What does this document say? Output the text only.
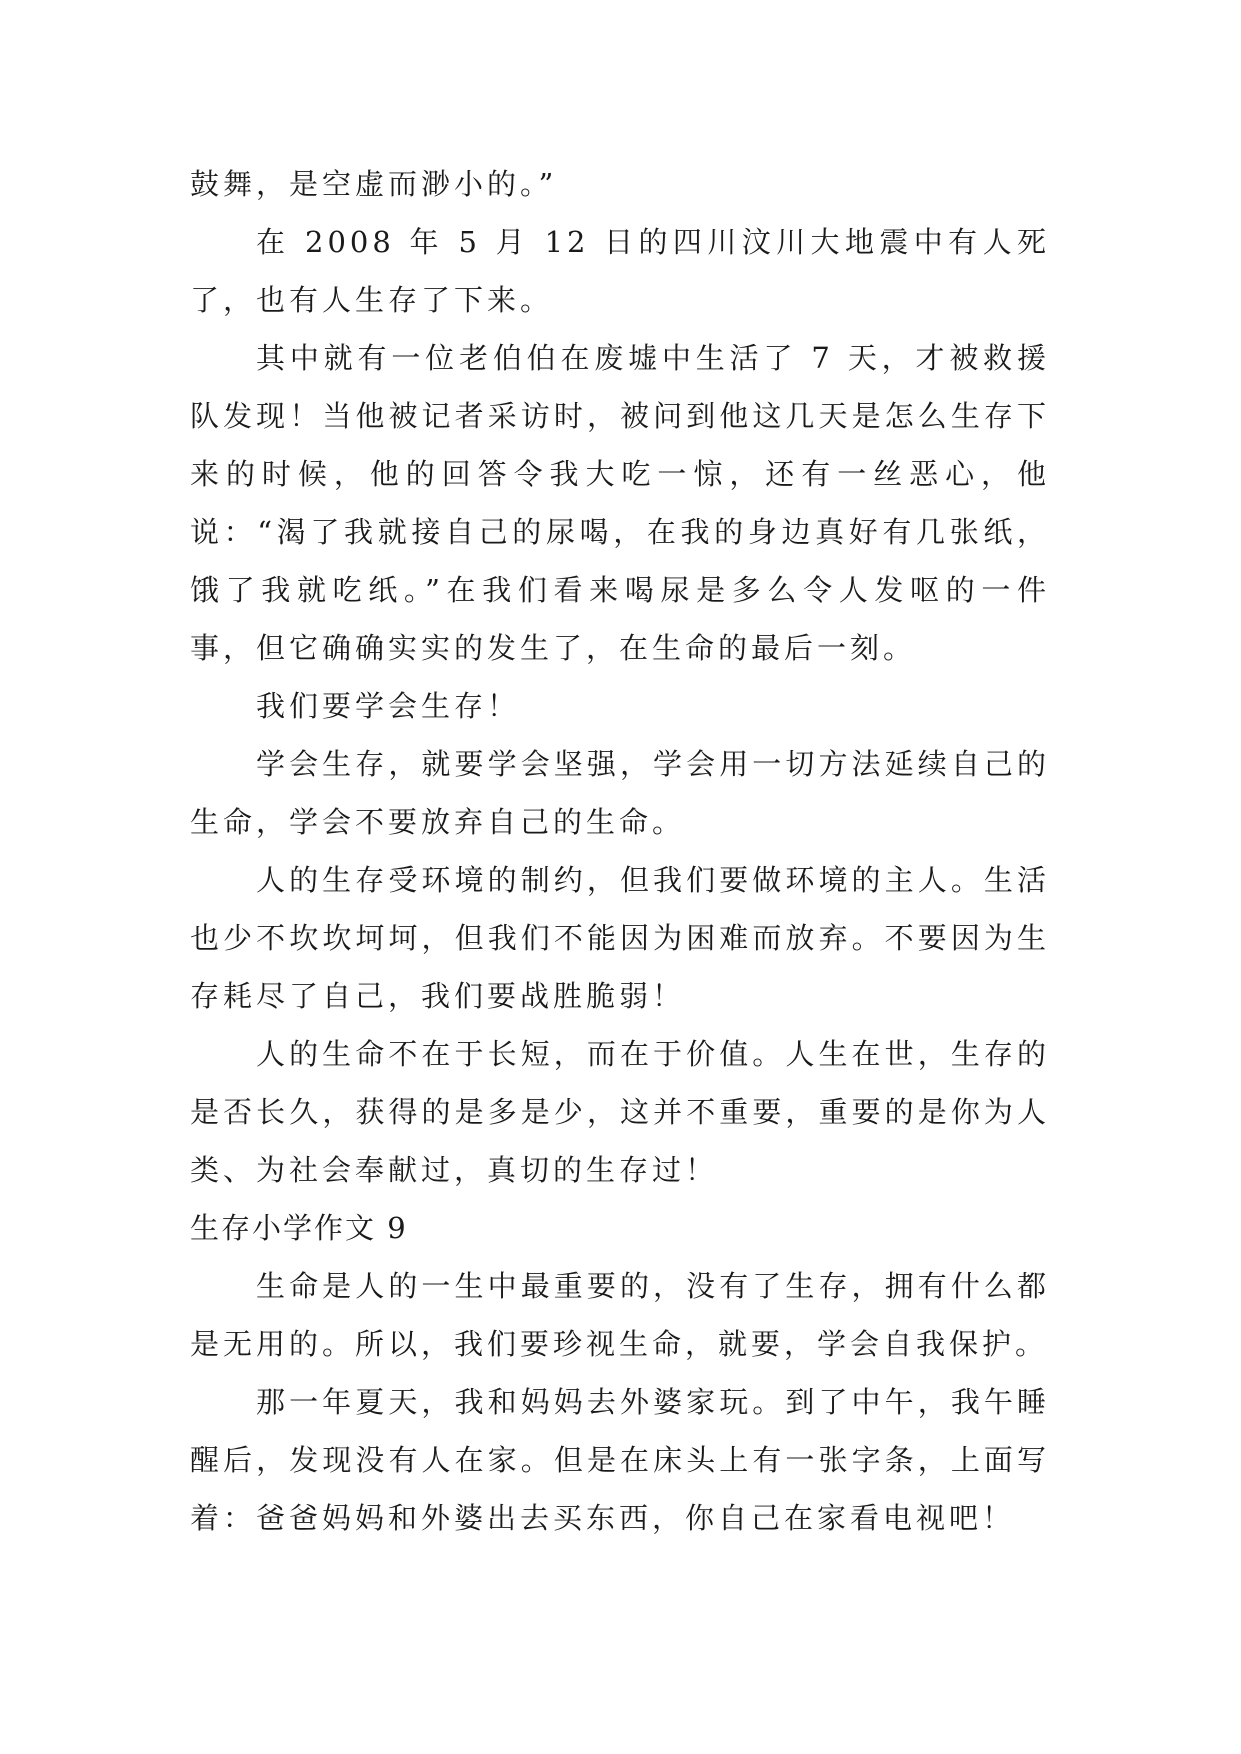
鼓舞，是空虚而渺小的。”

在 2008 年 5 月 12 日的四川汶川大地震中有人死了，也有人生存了下来。

其中就有一位老伯伯在废墟中生活了 7 天，才被救援队发现！当他被记者采访时，被问到他这几天是怎么生存下来的时候，他的回答令我大吃一惊，还有一丝恶心，他说：“渴了我就接自己的尿喝，在我的身边真好有几张纸，饿了我就吃纸。”在我们看来喝尿是多么令人发呕的一件事，但它确确实实的发生了，在生命的最后一刻。

我们要学会生存！

学会生存，就要学会坚强，学会用一切方法延续自己的生命，学会不要放弃自己的生命。

人的生存受环境的制约，但我们要做环境的主人。生活也少不坎坎坷坷，但我们不能因为困难而放弃。不要因为生存耗尽了自己，我们要战胜脆弱！

人的生命不在于长短，而在于价值。人生在世，生存的是否长久，获得的是多是少，这并不重要，重要的是你为人类、为社会奉献过，真切的生存过！

生存小学作文 9

生命是人的一生中最重要的，没有了生存，拥有什么都是无用的。所以，我们要珍视生命，就要，学会自我保护。

那一年夏天，我和妈妈去外婆家玩。到了中午，我午睡醒后，发现没有人在家。但是在床头上有一张字条，上面写着：爸爸妈妈和外婆出去买东西，你自己在家看电视吧！
